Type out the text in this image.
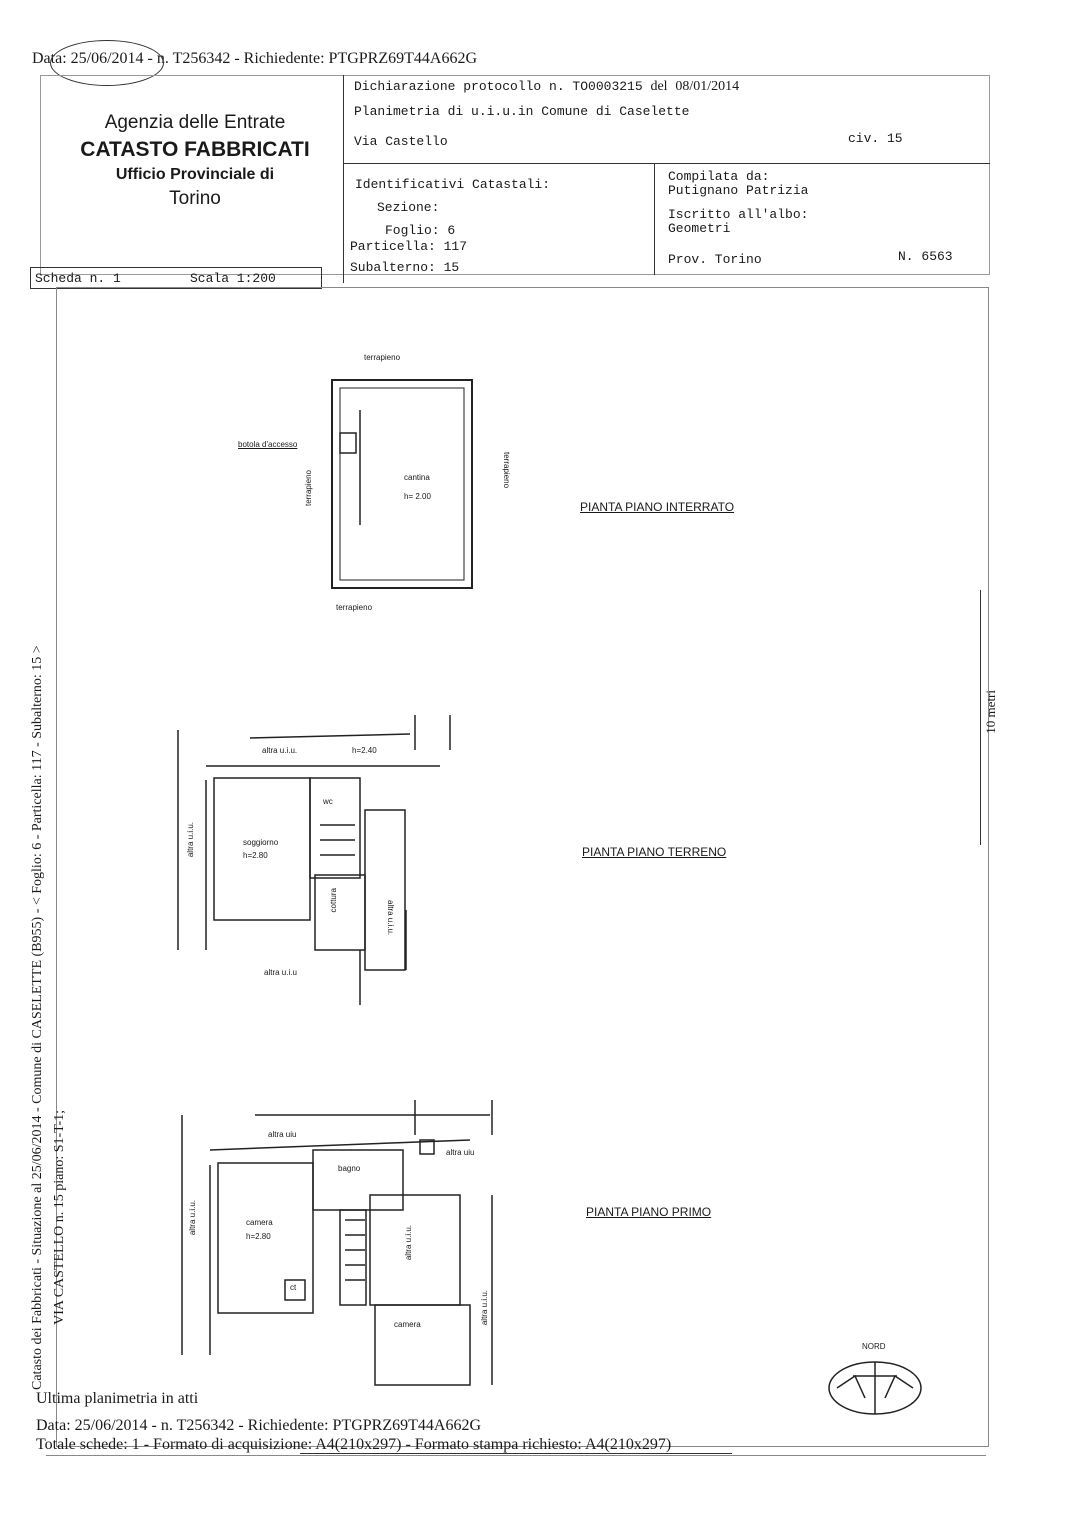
Data: 25/06/2014 - n. T256342 - Richiedente: PTGPRZ69T44A662G
Agenzia delle Entrate
CATASTO FABBRICATI
Ufficio Provinciale di
Torino
Dichiarazione protocollo n. TO0003215 del 08/01/2014
Planimetria di u.i.u.in Comune di Caselette
Via Castello	civ. 15
Identificativi Catastali:
Sezione:
Foglio: 6
Particella: 117
Subalterno: 15
Compilata da:
Putignano Patrizia
Iscritto all'albo:
Geometri
Prov. Torino	N. 6563
Scheda n. 1	Scala 1:200
10 metri
Catasto dei Fabbricati - Situazione al 25/06/2014 - Comune di CASELETTE (B955) - < Foglio: 6 - Particella: 117 - Subalterno: 15 > VIA CASTELLO n. 15 piano: S1-T-1;
terrapieno
terrapieno
terrapieno	terrapieno
botola d'accesso
cantina
h= 2.00
PIANTA PIANO INTERRATO
altra u.i.u.	h=2.40
wc
soggiorno
h=2.80
cottura
altra u.i.u.
altra u.i.u.
altra u.i.u
PIANTA PIANO TERRENO
altra uiu
altra uiu
bagno
camera
h=2.80
ct
camera
altra u.i.u.
altra u.i.u.
altra u.i.u.
PIANTA PIANO PRIMO
NORD
Ultima planimetria in atti
Data: 25/06/2014 - n. T256342 - Richiedente: PTGPRZ69T44A662G
Totale schede: 1 - Formato di acquisizione: A4(210x297) - Formato stampa richiesto: A4(210x297)
